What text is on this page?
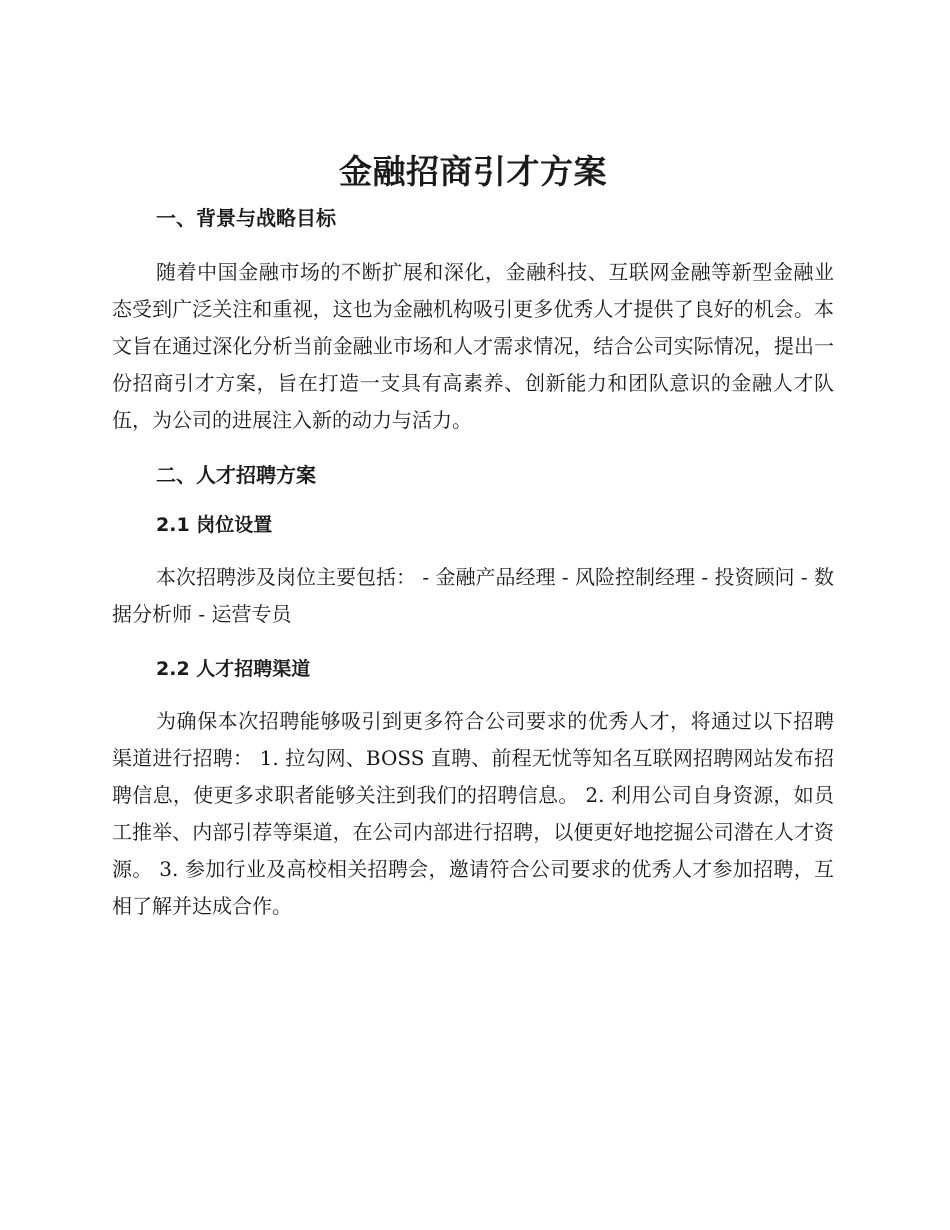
金融招商引才方案
一、背景与战略目标

随着中国金融市场的不断扩展和深化，金融科技、互联网金融等新型金融业态受到广泛关注和重视，这也为金融机构吸引更多优秀人才提供了良好的机会。本文旨在通过深化分析当前金融业市场和人才需求情况，结合公司实际情况，提出一份招商引才方案，旨在打造一支具有高素养、创新能力和团队意识的金融人才队伍，为公司的进展注入新的动力与活力。

二、人才招聘方案
2.1 岗位设置

本次招聘涉及岗位主要包括： - 金融产品经理 - 风险控制经理 - 投资顾问 - 数据分析师 - 运营专员

2.2 人才招聘渠道

为确保本次招聘能够吸引到更多符合公司要求的优秀人才，将通过以下招聘渠道进行招聘： 1. 拉勾网、BOSS 直聘、前程无忧等知名互联网招聘网站发布招聘信息，使更多求职者能够关注到我们的招聘信息。 2. 利用公司自身资源，如员工推举、内部引荐等渠道，在公司内部进行招聘，以便更好地挖掘公司潜在人才资源。 3. 参加行业及高校相关招聘会，邀请符合公司要求的优秀人才参加招聘，互相了解并达成合作。
